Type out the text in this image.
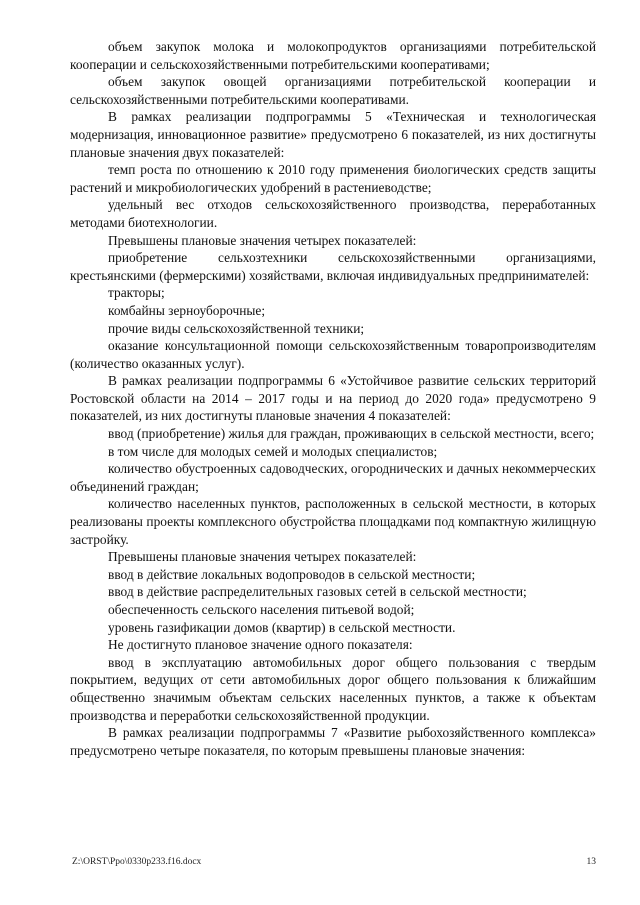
объем закупок молока и молокопродуктов организациями потребительской кооперации и сельскохозяйственными потребительскими кооперативами;

объем закупок овощей организациями потребительской кооперации и сельскохозяйственными потребительскими кооперативами.

В рамках реализации подпрограммы 5 «Техническая и технологическая модернизация, инновационное развитие» предусмотрено 6 показателей, из них достигнуты плановые значения двух показателей:

темп роста по отношению к 2010 году применения биологических средств защиты растений и микробиологических удобрений в растениеводстве;

удельный вес отходов сельскохозяйственного производства, переработанных методами биотехнологии.

Превышены плановые значения четырех показателей:

приобретение сельхозтехники сельскохозяйственными организациями, крестьянскими (фермерскими) хозяйствами, включая индивидуальных предпринимателей:

тракторы;

комбайны зерноуборочные;

прочие виды сельскохозяйственной техники;

оказание консультационной помощи сельскохозяйственным товаропроизводителям (количество оказанных услуг).

В рамках реализации подпрограммы 6 «Устойчивое развитие сельских территорий Ростовской области на 2014 – 2017 годы и на период до 2020 года» предусмотрено 9 показателей, из них достигнуты плановые значения 4 показателей:

ввод (приобретение) жилья для граждан, проживающих в сельской местности, всего;

в том числе для молодых семей и молодых специалистов;

количество обустроенных садоводческих, огороднических и дачных некоммерческих объединений граждан;

количество населенных пунктов, расположенных в сельской местности, в которых реализованы проекты комплексного обустройства площадками под компактную жилищную застройку.

Превышены плановые значения четырех показателей:

ввод в действие локальных водопроводов в сельской местности;

ввод в действие распределительных газовых сетей в сельской местности;

обеспеченность сельского населения питьевой водой;

уровень газификации домов (квартир) в сельской местности.

Не достигнуто плановое значение одного показателя:

ввод в эксплуатацию автомобильных дорог общего пользования с твердым покрытием, ведущих от сети автомобильных дорог общего пользования к ближайшим общественно значимым объектам сельских населенных пунктов, а также к объектам производства и переработки сельскохозяйственной продукции.

В рамках реализации подпрограммы 7 «Развитие рыбохозяйственного комплекса» предусмотрено четыре показателя, по которым превышены плановые значения:

Z:\ORST\Ppo\0330p233.f16.docx	13
